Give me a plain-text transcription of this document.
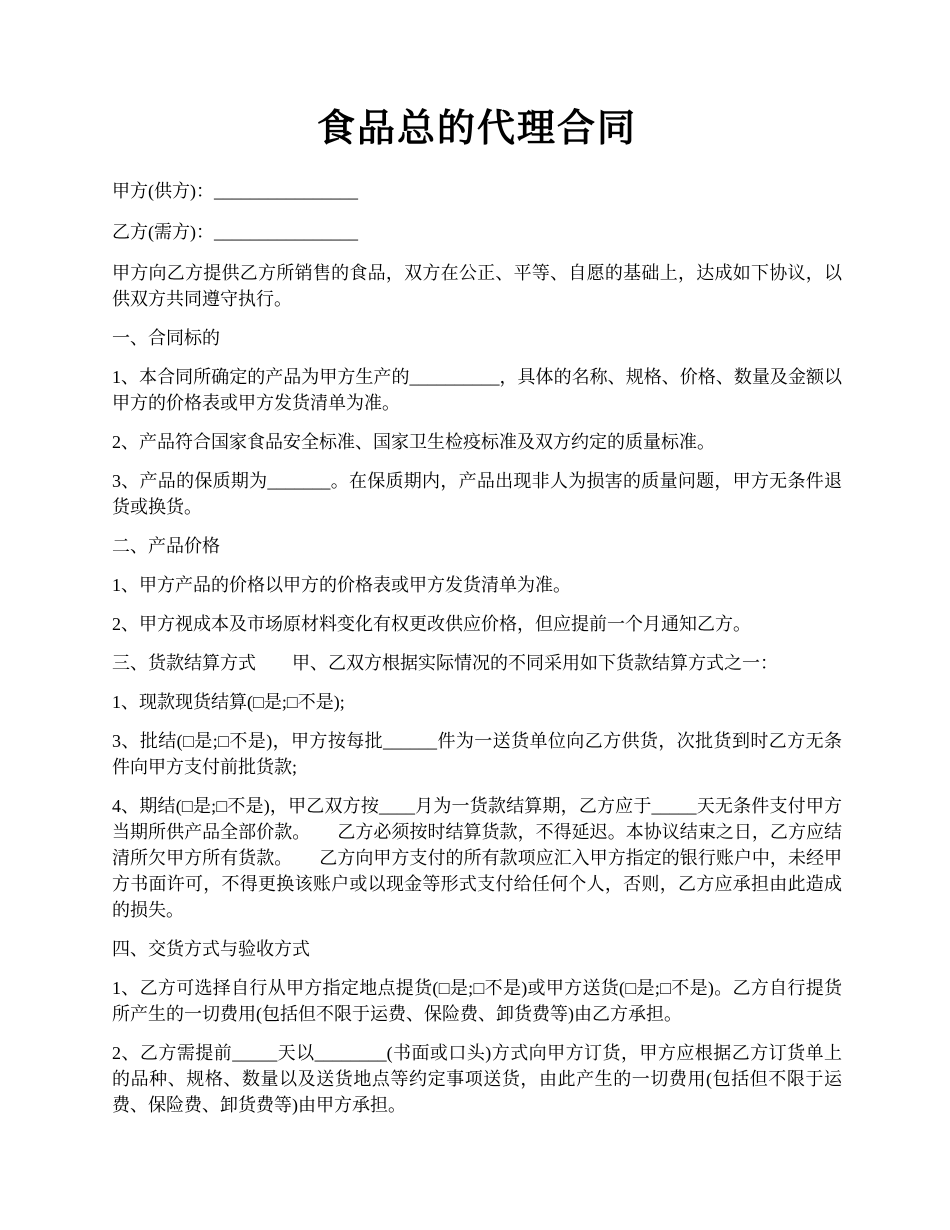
食品总的代理合同

甲方(供方)：________________

乙方(需方)：________________

甲方向乙方提供乙方所销售的食品，双方在公正、平等、自愿的基础上，达成如下协议，以供双方共同遵守执行。

一、合同标的

1、本合同所确定的产品为甲方生产的__________，具体的名称、规格、价格、数量及金额以甲方的价格表或甲方发货清单为准。

2、产品符合国家食品安全标准、国家卫生检疫标准及双方约定的质量标准。

3、产品的保质期为_______。在保质期内，产品出现非人为损害的质量问题，甲方无条件退货或换货。

二、产品价格

1、甲方产品的价格以甲方的价格表或甲方发货清单为准。

2、甲方视成本及市场原材料变化有权更改供应价格，但应提前一个月通知乙方。

三、货款结算方式　　甲、乙双方根据实际情况的不同采用如下货款结算方式之一：

1、现款现货结算(□是;□不是);

3、批结(□是;□不是)，甲方按每批______件为一送货单位向乙方供货，次批货到时乙方无条件向甲方支付前批货款;

4、期结(□是;□不是)，甲乙双方按____月为一货款结算期，乙方应于_____天无条件支付甲方当期所供产品全部价款。　　乙方必须按时结算货款，不得延迟。本协议结束之日，乙方应结清所欠甲方所有货款。　　乙方向甲方支付的所有款项应汇入甲方指定的银行账户中，未经甲方书面许可，不得更换该账户或以现金等形式支付给任何个人，否则，乙方应承担由此造成的损失。

四、交货方式与验收方式

1、乙方可选择自行从甲方指定地点提货(□是;□不是)或甲方送货(□是;□不是)。乙方自行提货所产生的一切费用(包括但不限于运费、保险费、卸货费等)由乙方承担。

2、乙方需提前_____天以________(书面或口头)方式向甲方订货，甲方应根据乙方订货单上的品种、规格、数量以及送货地点等约定事项送货，由此产生的一切费用(包括但不限于运费、保险费、卸货费等)由甲方承担。
